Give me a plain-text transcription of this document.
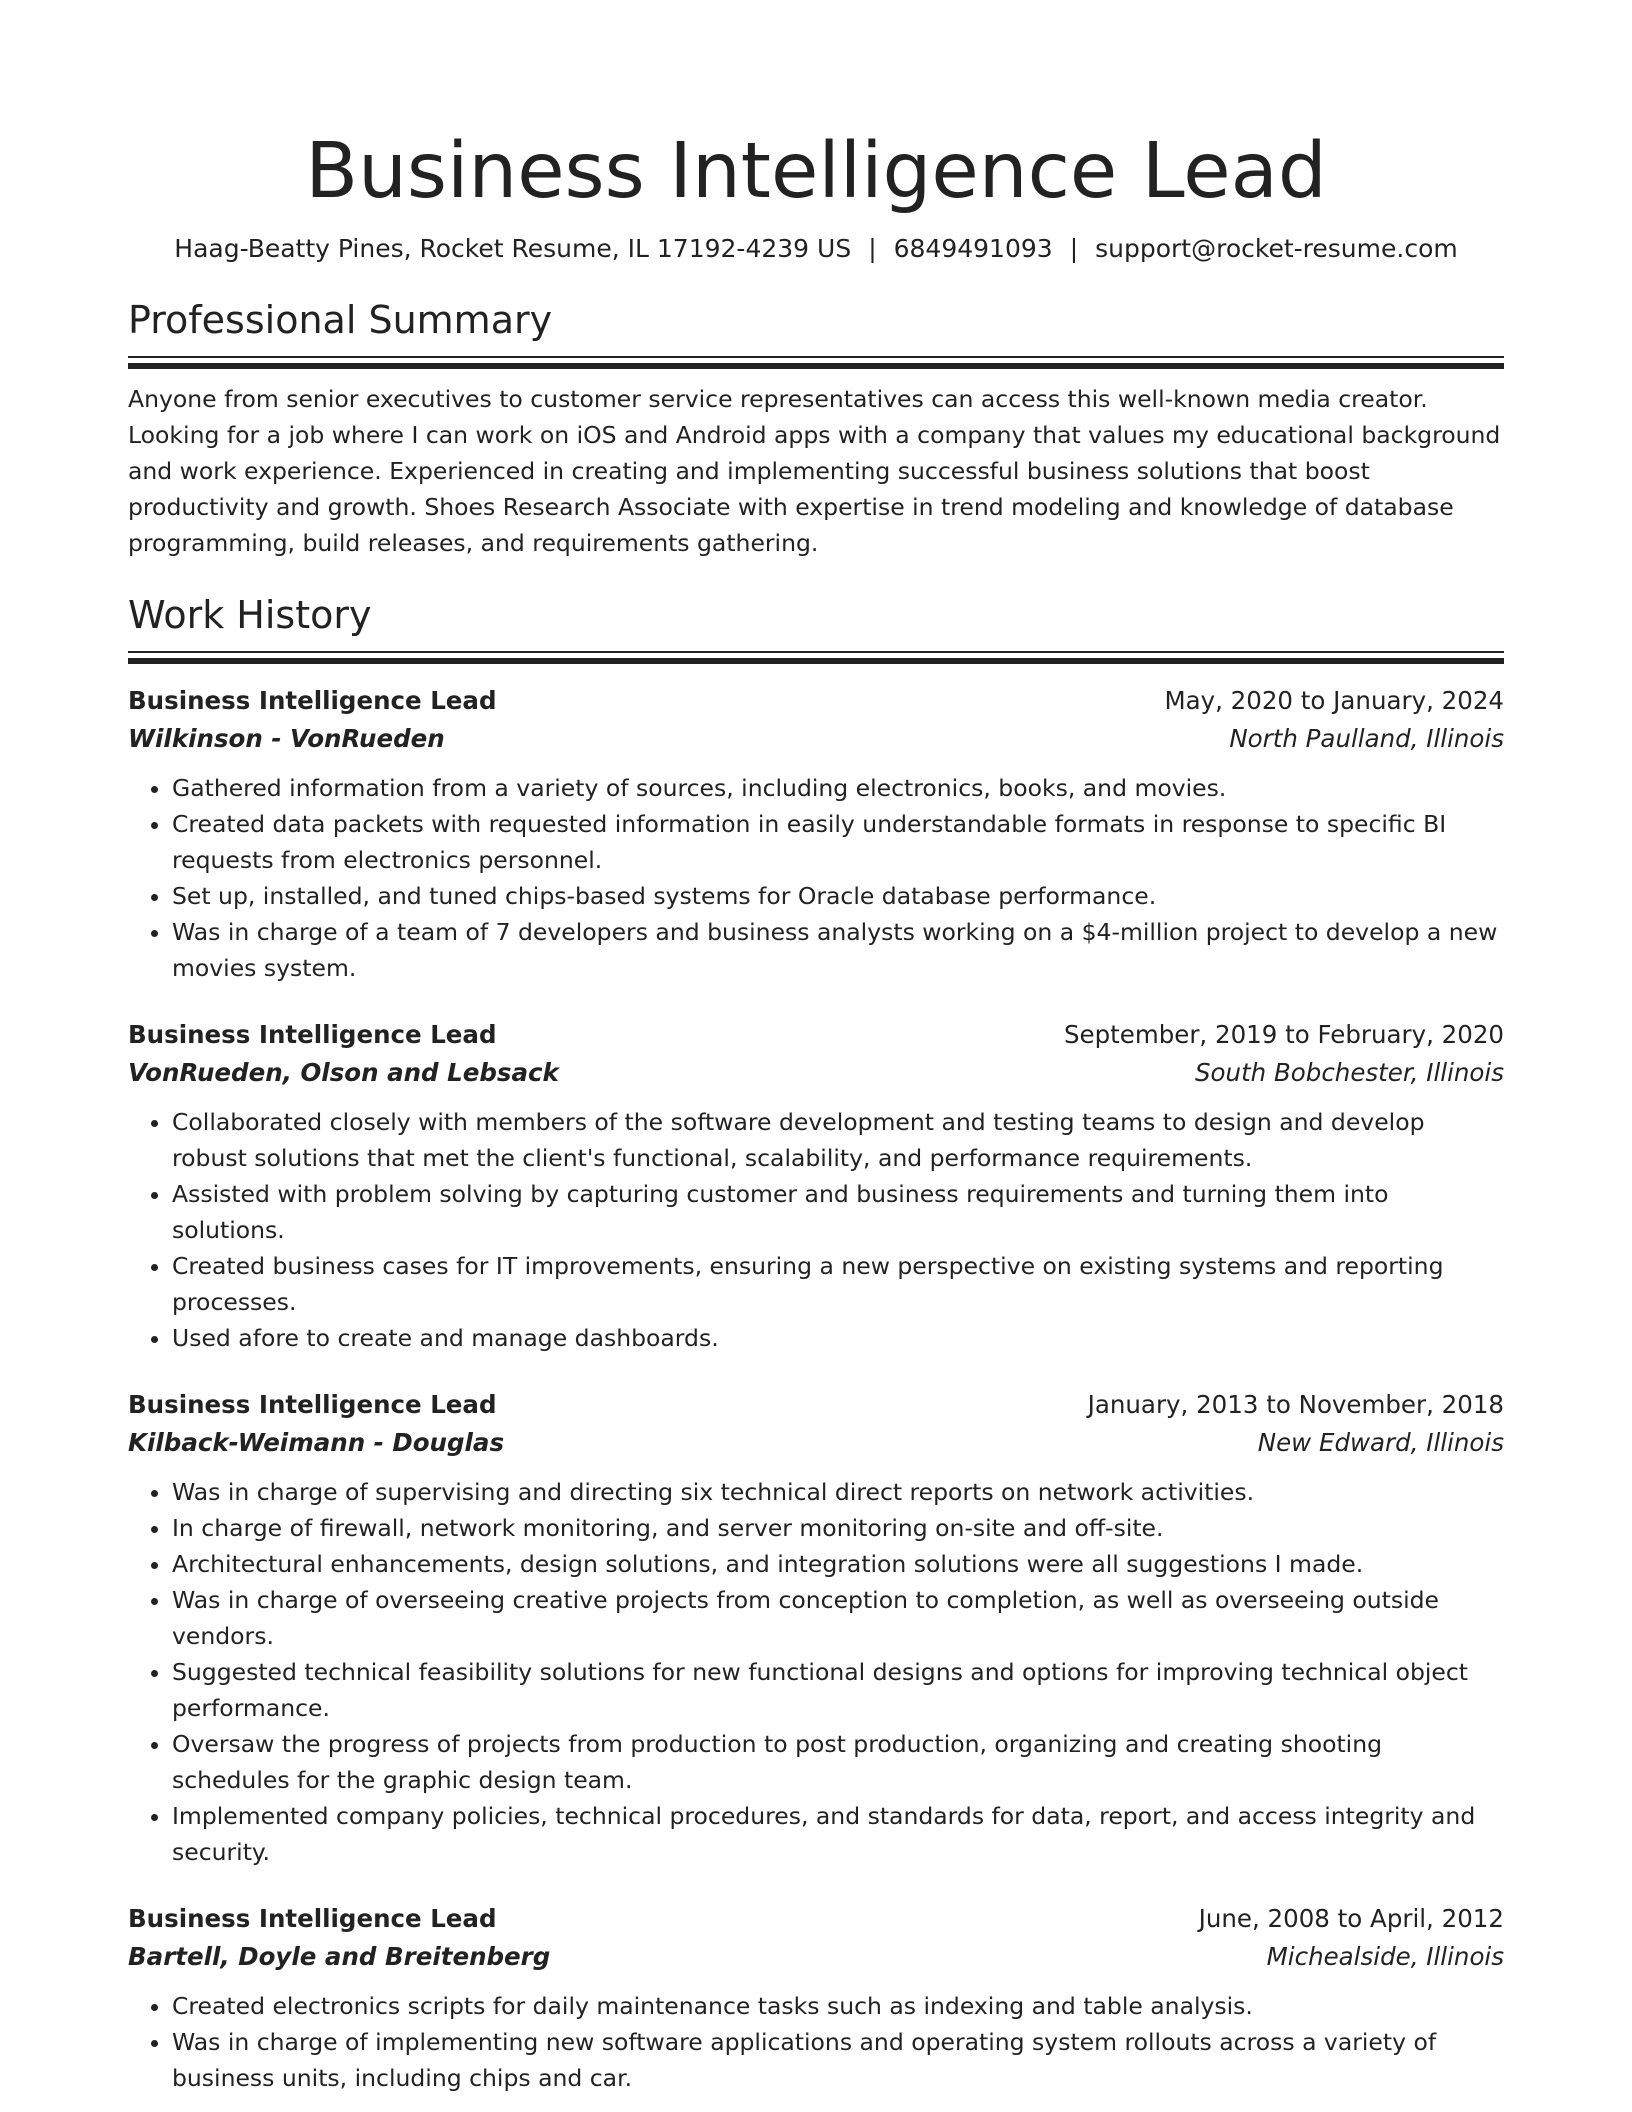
Business Intelligence Lead
Haag-Beatty Pines, Rocket Resume, IL 17192-4239 US | 6849491093 | support@rocket-resume.com
Professional Summary
Anyone from senior executives to customer service representatives can access this well-known media creator. Looking for a job where I can work on iOS and Android apps with a company that values my educational background and work experience. Experienced in creating and implementing successful business solutions that boost productivity and growth. Shoes Research Associate with expertise in trend modeling and knowledge of database programming, build releases, and requirements gathering.
Work History
Business Intelligence Lead	May, 2020 to January, 2024
Wilkinson - VonRueden	North Paulland, Illinois
• Gathered information from a variety of sources, including electronics, books, and movies.
• Created data packets with requested information in easily understandable formats in response to specific BI requests from electronics personnel.
• Set up, installed, and tuned chips-based systems for Oracle database performance.
• Was in charge of a team of 7 developers and business analysts working on a $4-million project to develop a new movies system.
Business Intelligence Lead	September, 2019 to February, 2020
VonRueden, Olson and Lebsack	South Bobchester, Illinois
• Collaborated closely with members of the software development and testing teams to design and develop robust solutions that met the client's functional, scalability, and performance requirements.
• Assisted with problem solving by capturing customer and business requirements and turning them into solutions.
• Created business cases for IT improvements, ensuring a new perspective on existing systems and reporting processes.
• Used afore to create and manage dashboards.
Business Intelligence Lead	January, 2013 to November, 2018
Kilback-Weimann - Douglas	New Edward, Illinois
• Was in charge of supervising and directing six technical direct reports on network activities.
• In charge of firewall, network monitoring, and server monitoring on-site and off-site.
• Architectural enhancements, design solutions, and integration solutions were all suggestions I made.
• Was in charge of overseeing creative projects from conception to completion, as well as overseeing outside vendors.
• Suggested technical feasibility solutions for new functional designs and options for improving technical object performance.
• Oversaw the progress of projects from production to post production, organizing and creating shooting schedules for the graphic design team.
• Implemented company policies, technical procedures, and standards for data, report, and access integrity and security.
Business Intelligence Lead	June, 2008 to April, 2012
Bartell, Doyle and Breitenberg	Michealside, Illinois
• Created electronics scripts for daily maintenance tasks such as indexing and table analysis.
• Was in charge of implementing new software applications and operating system rollouts across a variety of business units, including chips and car.
